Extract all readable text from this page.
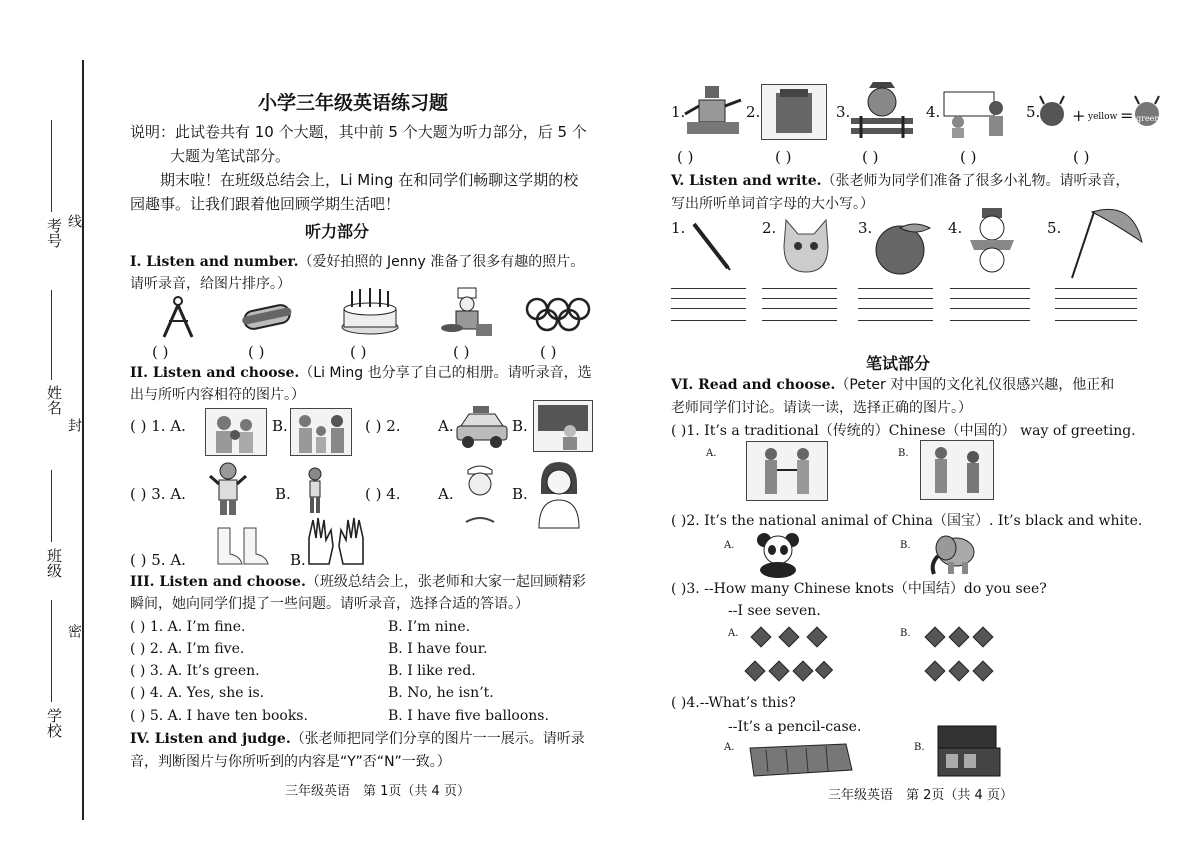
考号 线
姓名
封
班级
密
学校
小学三年级英语练习题
说明：此试卷共有 10 个大题，其中前 5 个大题为听力部分，后 5 个
大题为笔试部分。
期末啦！在班级总结会上，Li Ming 在和同学们畅聊这学期的校
园趣事。让我们跟着他回顾学期生活吧！
听力部分
I. Listen and number.（爱好拍照的 Jenny 准备了很多有趣的照片。
请听录音，给图片排序。）
( )	( )	( )	( )	( )
II. Listen and choose.（Li Ming 也分享了自己的相册。请听录音，选
出与所听内容相符的图片。）
( ) 1. A.	B.	( ) 2. A.	B.
( ) 3. A.	B.	( ) 4. A.	B.
( ) 5. A.	B.
III. Listen and choose.（班级总结会上，张老师和大家一起回顾精彩
瞬间，她向同学们提了一些问题。请听录音，选择合适的答语。）
( ) 1. A. I’m fine.	B. I’m nine.
( ) 2. A. I’m five.	B. I have four.
( ) 3. A. It’s green.	B. I like red.
( ) 4. A. Yes, she is.	B. No, he isn’t.
( ) 5. A. I have ten books.	B. I have five balloons.
IV. Listen and judge.（张老师把同学们分享的图片一一展示。请听录
音，判断图片与你所听到的内容是“Y”否“N”一致。）
三年级英语　第 1页（共 4 页）
1.	2.	3.	4.	5. + yellow = green
( )	( )	( )	( )	( )
V. Listen and write.（张老师为同学们准备了很多小礼物。请听录音，
写出所听单词首字母的大小写。）
1.	2.	3.	4.	5.
笔试部分
VI. Read and choose.（Peter 对中国的文化礼仪很感兴趣，他正和
老师同学们讨论。请读一读，选择正确的图片。）
( )1. It’s a traditional（传统的）Chinese（中国的） way of greeting.
A.	B.
( )2. It’s the national animal of China（国宝）. It’s black and white.
A.	B.
( )3. --How many Chinese knots（中国结）do you see?
--I see seven.
A.	B.
( )4.--What’s this?
--It’s a pencil-case.
A.	B.
三年级英语　第 2页（共 4 页）
